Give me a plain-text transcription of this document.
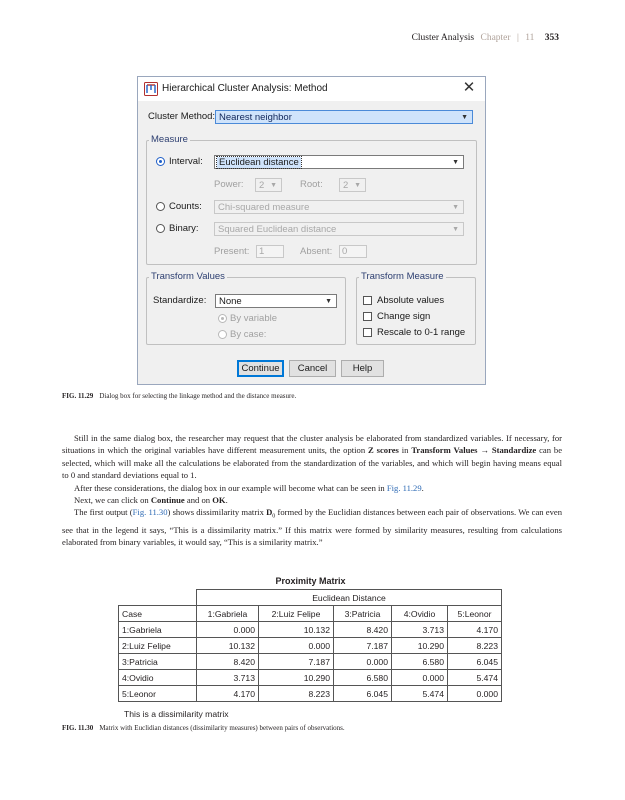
Cluster Analysis Chapter | 11 353
Hierarchical Cluster Analysis: Method	✕
Cluster Method: Nearest neighbor	▼
Measure
Interval: Euclidean distance	▼
Power: 2 ▼ Root: 2 ▼
Counts: Chi-squared measure	▼
Binary: Squared Euclidean distance	▼
Present:	1	Absent:	0
Transform Values
Standardize: None	▼
By variable
By case:
Transform Measure
Absolute values
Change sign
Rescale to 0-1 range
Continue	Cancel	Help
FIG. 11.29 Dialog box for selecting the linkage method and the distance measure.

Still in the same dialog box, the researcher may request that the cluster analysis be elaborated from standardized variables. If necessary, for situations in which the original variables have different measurement units, the option Z scores in Transform Values → Standardize can be selected, which will make all the calculations be elaborated from the standardization of the variables, and which will begin having means equal to 0 and standard deviations equal to 1.

After these considerations, the dialog box in our example will become what can be seen in Fig. 11.29.

Next, we can click on Continue and on OK.

The first output (Fig. 11.30) shows dissimilarity matrix $D_0$ formed by the Euclidian distances between each pair of observations. We can even see that in the legend it says, “This is a dissimilarity matrix.” If this matrix were formed by similarity measures, resulting from calculations elaborated from binary variables, it would say, “This is a similarity matrix.”

Proximity Matrix
	Euclidean Distance				
Case	1:Gabriela	2:Luiz Felipe	3:Patricia	4:Ovidio	5:Leonor
1:Gabriela	0.000	10.132	8.420	3.713	4.170
2:Luiz Felipe	10.132	0.000	7.187	10.290	8.223
3:Patricia	8.420	7.187	0.000	6.580	6.045
4:Ovidio	3.713	10.290	6.580	0.000	5.474
5:Leonor	4.170	8.223	6.045	5.474	0.000
This is a dissimilarity matrix
FIG. 11.30 Matrix with Euclidian distances (dissimilarity measures) between pairs of observations.
